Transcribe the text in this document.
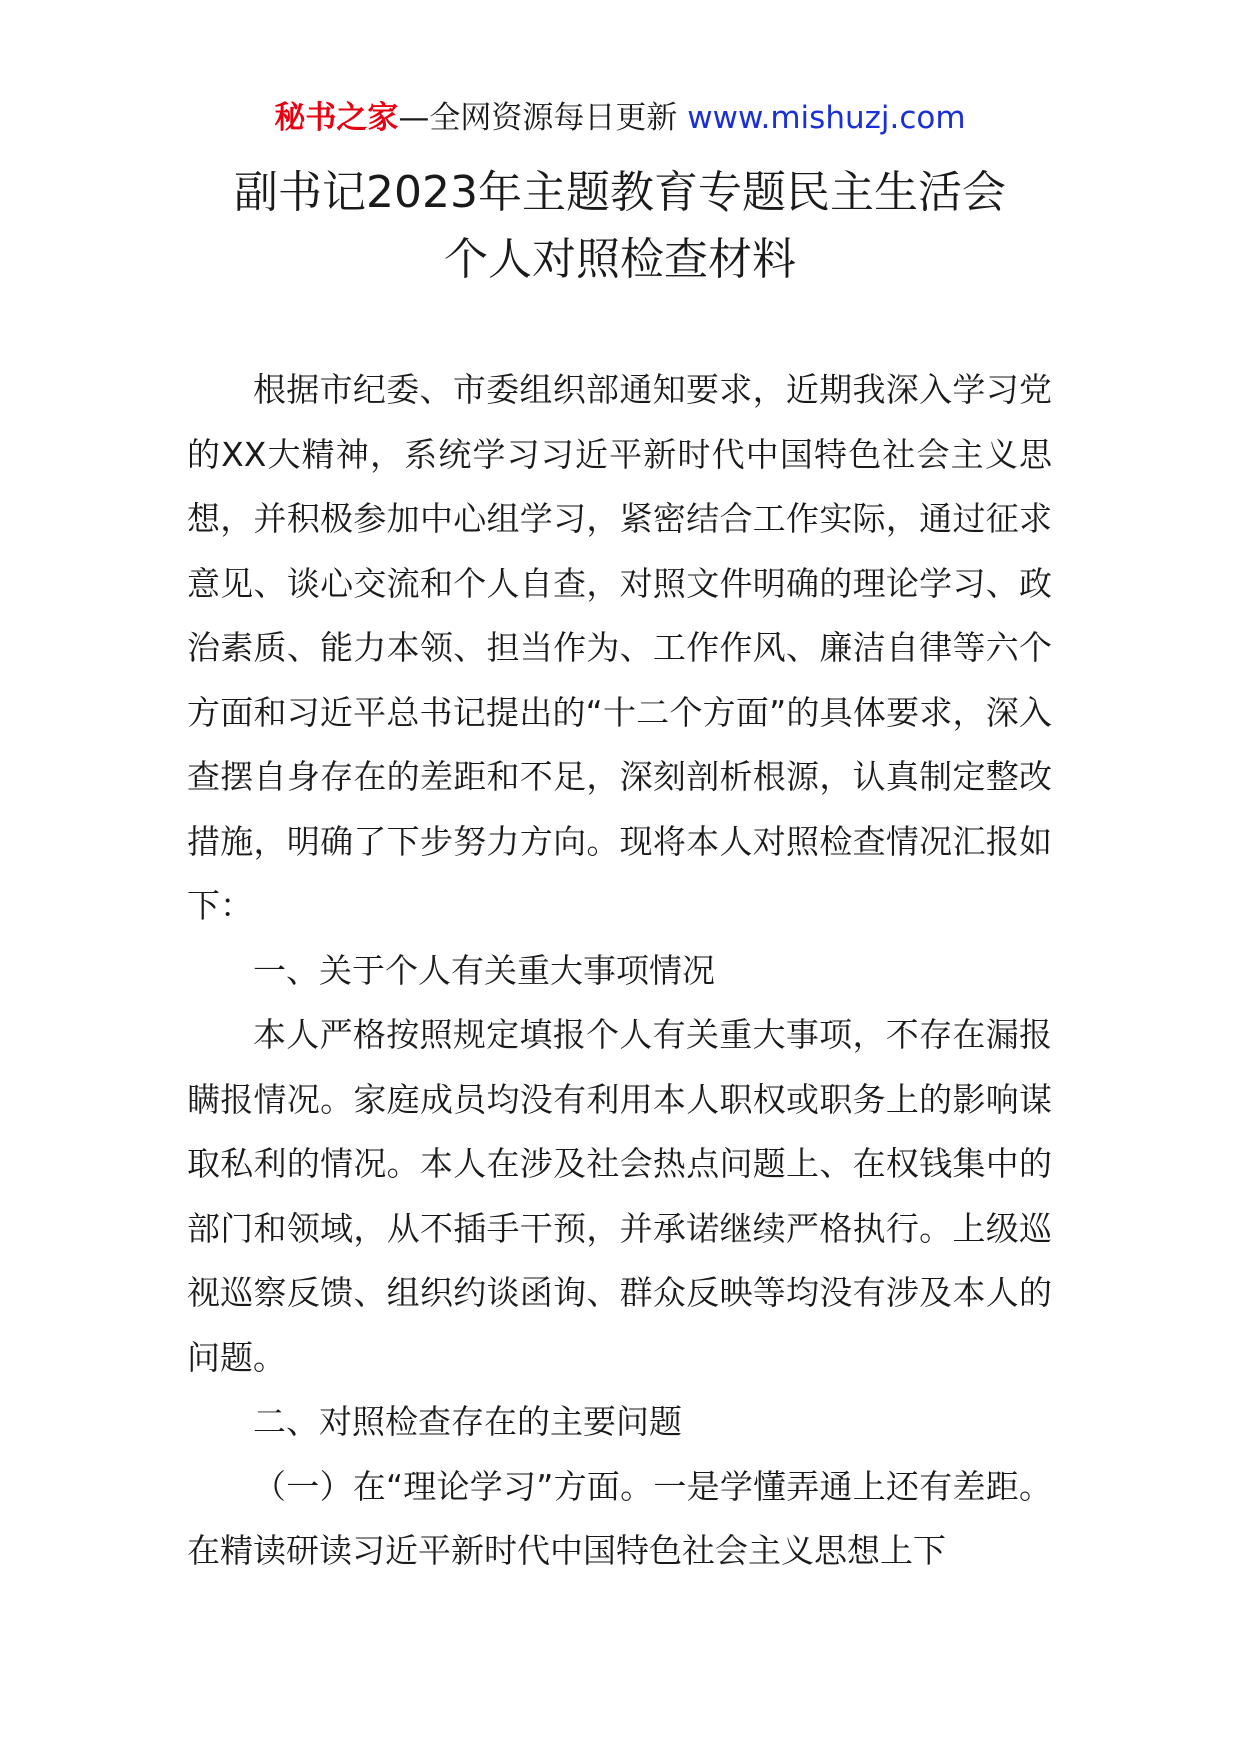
秘书之家—全网资源每日更新 www.mishuzj.com
副书记2023年主题教育专题民主生活会
个人对照检查材料

根据市纪委、市委组织部通知要求，近期我深入学习党的XX大精神，系统学习习近平新时代中国特色社会主义思想，并积极参加中心组学习，紧密结合工作实际，通过征求意见、谈心交流和个人自查，对照文件明确的理论学习、政治素质、能力本领、担当作为、工作作风、廉洁自律等六个方面和习近平总书记提出的“十二个方面”的具体要求，深入查摆自身存在的差距和不足，深刻剖析根源，认真制定整改措施，明确了下步努力方向。现将本人对照检查情况汇报如下：

一、关于个人有关重大事项情况

本人严格按照规定填报个人有关重大事项，不存在漏报瞒报情况。家庭成员均没有利用本人职权或职务上的影响谋取私利的情况。本人在涉及社会热点问题上、在权钱集中的部门和领域，从不插手干预，并承诺继续严格执行。上级巡视巡察反馈、组织约谈函询、群众反映等均没有涉及本人的问题。

二、对照检查存在的主要问题

（一）在“理论学习”方面。一是学懂弄通上还有差距。在精读研读习近平新时代中国特色社会主义思想上下
